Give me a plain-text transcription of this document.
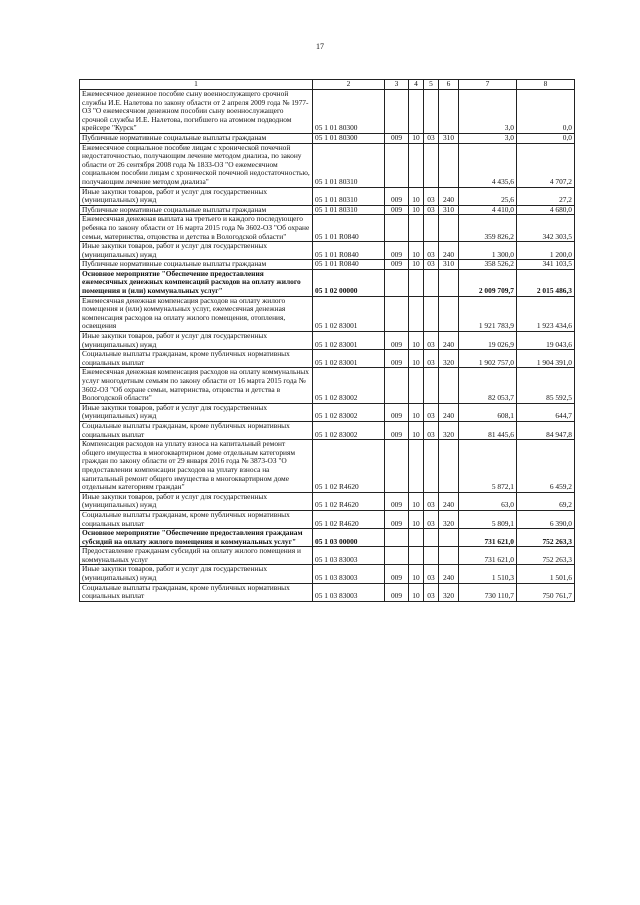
17
1	2	3	4	5	6	7	8
Ежемесячное денежное пособие сыну военнослужащего срочной службы И.Е. Налетова по закону области от 2 апреля 2009 года № 1977-ОЗ "О ежемесячном денежном пособии сыну военнослужащего срочной службы И.Е. Налетова, погибшего на атомном подводном крейсере "Курск"	05 1 01 80300					3,0	0,0
Публичные нормативные социальные выплаты гражданам	05 1 01 80300	009	10	03	310	3,0	0,0
Ежемесячное социальное пособие лицам с хронической почечной недостаточностью, получающим лечение методом диализа, по закону области от 26 сентября 2008 года № 1833-ОЗ "О ежемесячном социальном пособии лицам с хронической почечной недостаточностью, получающим лечение методом диализа"	05 1 01 80310					4 435,6	4 707,2
Иные закупки товаров, работ и услуг для государственных (муниципальных) нужд	05 1 01 80310	009	10	03	240	25,6	27,2
Публичные нормативные социальные выплаты гражданам	05 1 01 80310	009	10	03	310	4 410,0	4 680,0
Ежемесячная денежная выплата на третьего и каждого последующего ребенка по закону области от 16 марта 2015 года № 3602-ОЗ "Об охране семьи, материнства, отцовства и детства в Вологодской области"	05 1 01 R0840					359 826,2	342 303,5
Иные закупки товаров, работ и услуг для государственных (муниципальных) нужд	05 1 01 R0840	009	10	03	240	1 300,0	1 200,0
Публичные нормативные социальные выплаты гражданам	05 1 01 R0840	009	10	03	310	358 526,2	341 103,5
Основное мероприятие "Обеспечение предоставления ежемесячных денежных компенсаций расходов на оплату жилого помещения и (или) коммунальных услуг"	05 1 02 00000					2 009 709,7	2 015 486,3
Ежемесячная денежная компенсация расходов на оплату жилого помещения и (или) коммунальных услуг, ежемесячная денежная компенсация расходов на оплату жилого помещения, отопления, освещения	05 1 02 83001					1 921 783,9	1 923 434,6
Иные закупки товаров, работ и услуг для государственных (муниципальных) нужд	05 1 02 83001	009	10	03	240	19 026,9	19 043,6
Социальные выплаты гражданам, кроме публичных нормативных социальных выплат	05 1 02 83001	009	10	03	320	1 902 757,0	1 904 391,0
Ежемесячная денежная компенсация расходов на оплату коммунальных услуг многодетным семьям по закону области от 16 марта 2015 года № 3602-ОЗ "Об охране семьи, материнства, отцовства и детства в Вологодской области"	05 1 02 83002					82 053,7	85 592,5
Иные закупки товаров, работ и услуг для государственных (муниципальных) нужд	05 1 02 83002	009	10	03	240	608,1	644,7
Социальные выплаты гражданам, кроме публичных нормативных социальных выплат	05 1 02 83002	009	10	03	320	81 445,6	84 947,8
Компенсация расходов на уплату взноса на капитальный ремонт общего имущества в многоквартирном доме отдельным категориям граждан по закону области от 29 января 2016 года № 3873-ОЗ "О предоставлении компенсации расходов на уплату взноса на капитальный ремонт общего имущества в многоквартирном доме отдельным категориям граждан"	05 1 02 R4620					5 872,1	6 459,2
Иные закупки товаров, работ и услуг для государственных (муниципальных) нужд	05 1 02 R4620	009	10	03	240	63,0	69,2
Социальные выплаты гражданам, кроме публичных нормативных социальных выплат	05 1 02 R4620	009	10	03	320	5 809,1	6 390,0
Основное мероприятие "Обеспечение предоставления гражданам субсидий на оплату жилого помещения и коммунальных услуг"	05 1 03 00000					731 621,0	752 263,3
Предоставление гражданам субсидий на оплату жилого помещения и коммунальных услуг	05 1 03 83003					731 621,0	752 263,3
Иные закупки товаров, работ и услуг для государственных (муниципальных) нужд	05 1 03 83003	009	10	03	240	1 510,3	1 501,6
Социальные выплаты гражданам, кроме публичных нормативных социальных выплат	05 1 03 83003	009	10	03	320	730 110,7	750 761,7
